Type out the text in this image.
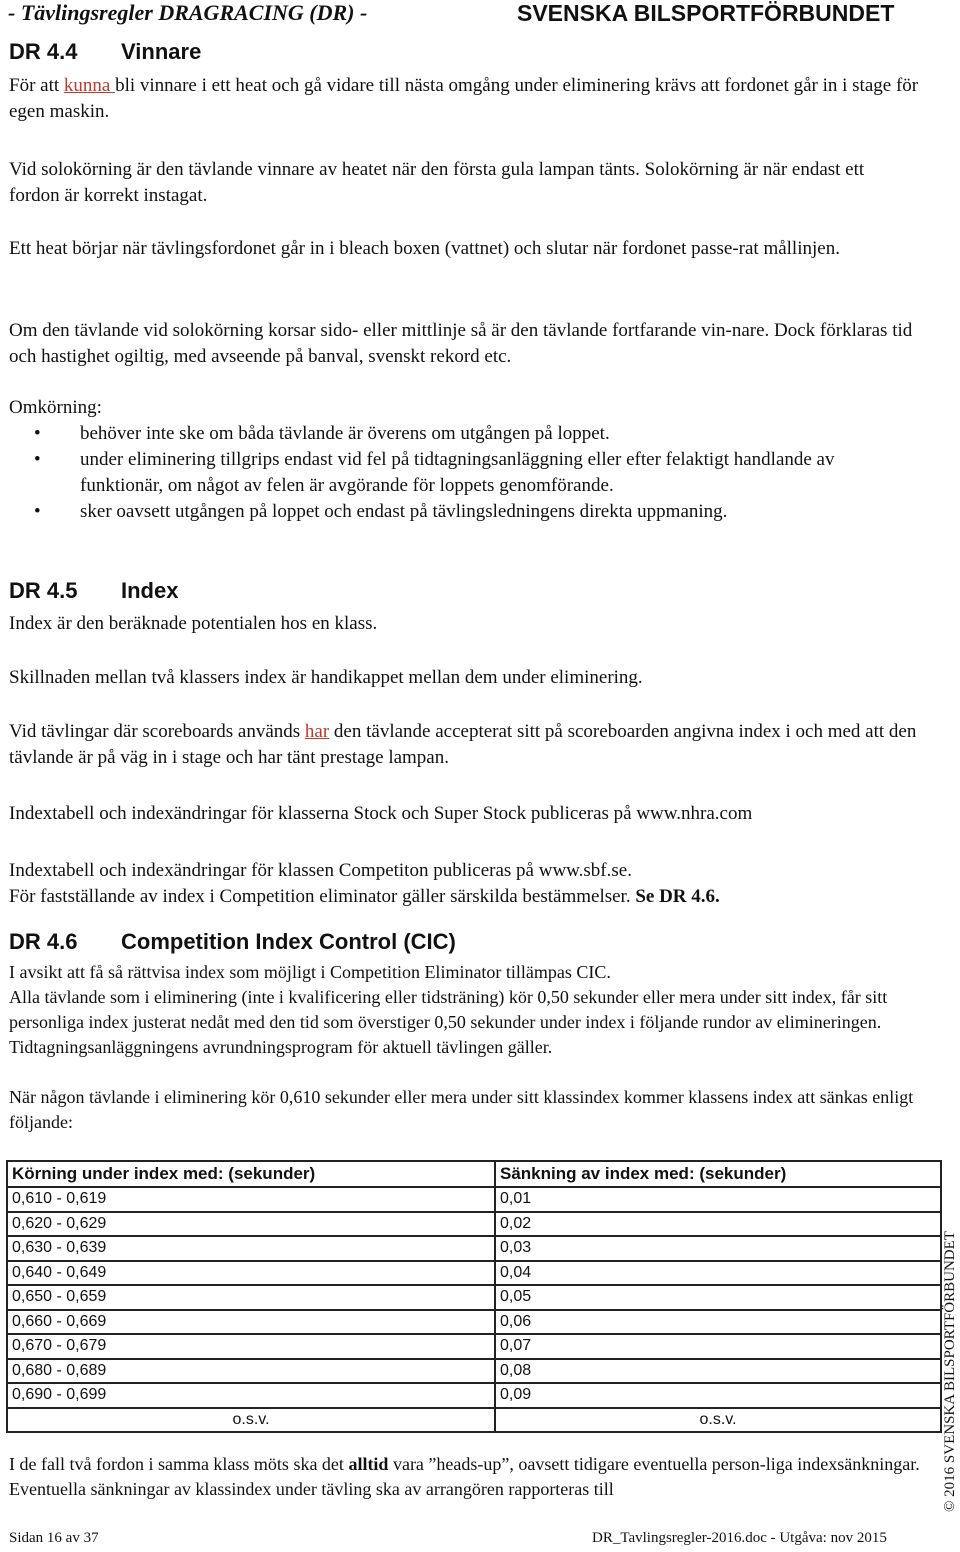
- Tävlingsregler DRAGRACING (DR) -	SVENSKA BILSPORTFÖRBUNDET
DR 4.4 Vinnare

För att kunna bli vinnare i ett heat och gå vidare till nästa omgång under eliminering krävs att fordonet går in i stage för egen maskin.

Vid solokörning är den tävlande vinnare av heatet när den första gula lampan tänts. Solokörning är när endast ett fordon är korrekt instagat.

Ett heat börjar när tävlingsfordonet går in i bleach boxen (vattnet) och slutar när fordonet passe-rat mållinjen.

Om den tävlande vid solokörning korsar sido- eller mittlinje så är den tävlande fortfarande vin-nare. Dock förklaras tid och hastighet ogiltig, med avseende på banval, svenskt rekord etc.

Omkörning:

• behöver inte ske om båda tävlande är överens om utgången på loppet.
• under eliminering tillgrips endast vid fel på tidtagningsanläggning eller efter felaktigt handlande av funktionär, om något av felen är avgörande för loppets genomförande.
• sker oavsett utgången på loppet och endast på tävlingsledningens direkta uppmaning.
DR 4.5 Index

Index är den beräknade potentialen hos en klass.

Skillnaden mellan två klassers index är handikappet mellan dem under eliminering.

Vid tävlingar där scoreboards används har den tävlande accepterat sitt på scoreboarden angivna index i och med att den tävlande är på väg in i stage och har tänt prestage lampan.

Indextabell och indexändringar för klasserna Stock och Super Stock publiceras på www.nhra.com

Indextabell och indexändringar för klassen Competiton publiceras på www.sbf.se.

För fastställande av index i Competition eliminator gäller särskilda bestämmelser. Se DR 4.6.

DR 4.6 Competition Index Control (CIC)

I avsikt att få så rättvisa index som möjligt i Competition Eliminator tillämpas CIC.

Alla tävlande som i eliminering (inte i kvalificering eller tidsträning) kör 0,50 sekunder eller mera under sitt index, får sitt personliga index justerat nedåt med den tid som överstiger 0,50 sekunder under index i följande rundor av elimineringen. Tidtagningsanläggningens avrundningsprogram för aktuell tävlingen gäller.

När någon tävlande i eliminering kör 0,610 sekunder eller mera under sitt klassindex kommer klassens index att sänkas enligt följande:

Körning under index med: (sekunder)	Sänkning av index med: (sekunder)
0,610 - 0,619	0,01
0,620 - 0,629	0,02
0,630 - 0,639	0,03
0,640 - 0,649	0,04
0,650 - 0,659	0,05
0,660 - 0,669	0,06
0,670 - 0,679	0,07
0,680 - 0,689	0,08
0,690 - 0,699	0,09
o.s.v.	o.s.v.

I de fall två fordon i samma klass möts ska det alltid vara ”heads-up”, oavsett tidigare eventuella person-liga indexsänkningar. Eventuella sänkningar av klassindex under tävling ska av arrangören rapporteras till	© 2016 SVENSKA BILSPORTFÖRBUNDET
Sidan 16 av 37	DR_Tavlingsregler-2016.doc - Utgåva: nov 2015
